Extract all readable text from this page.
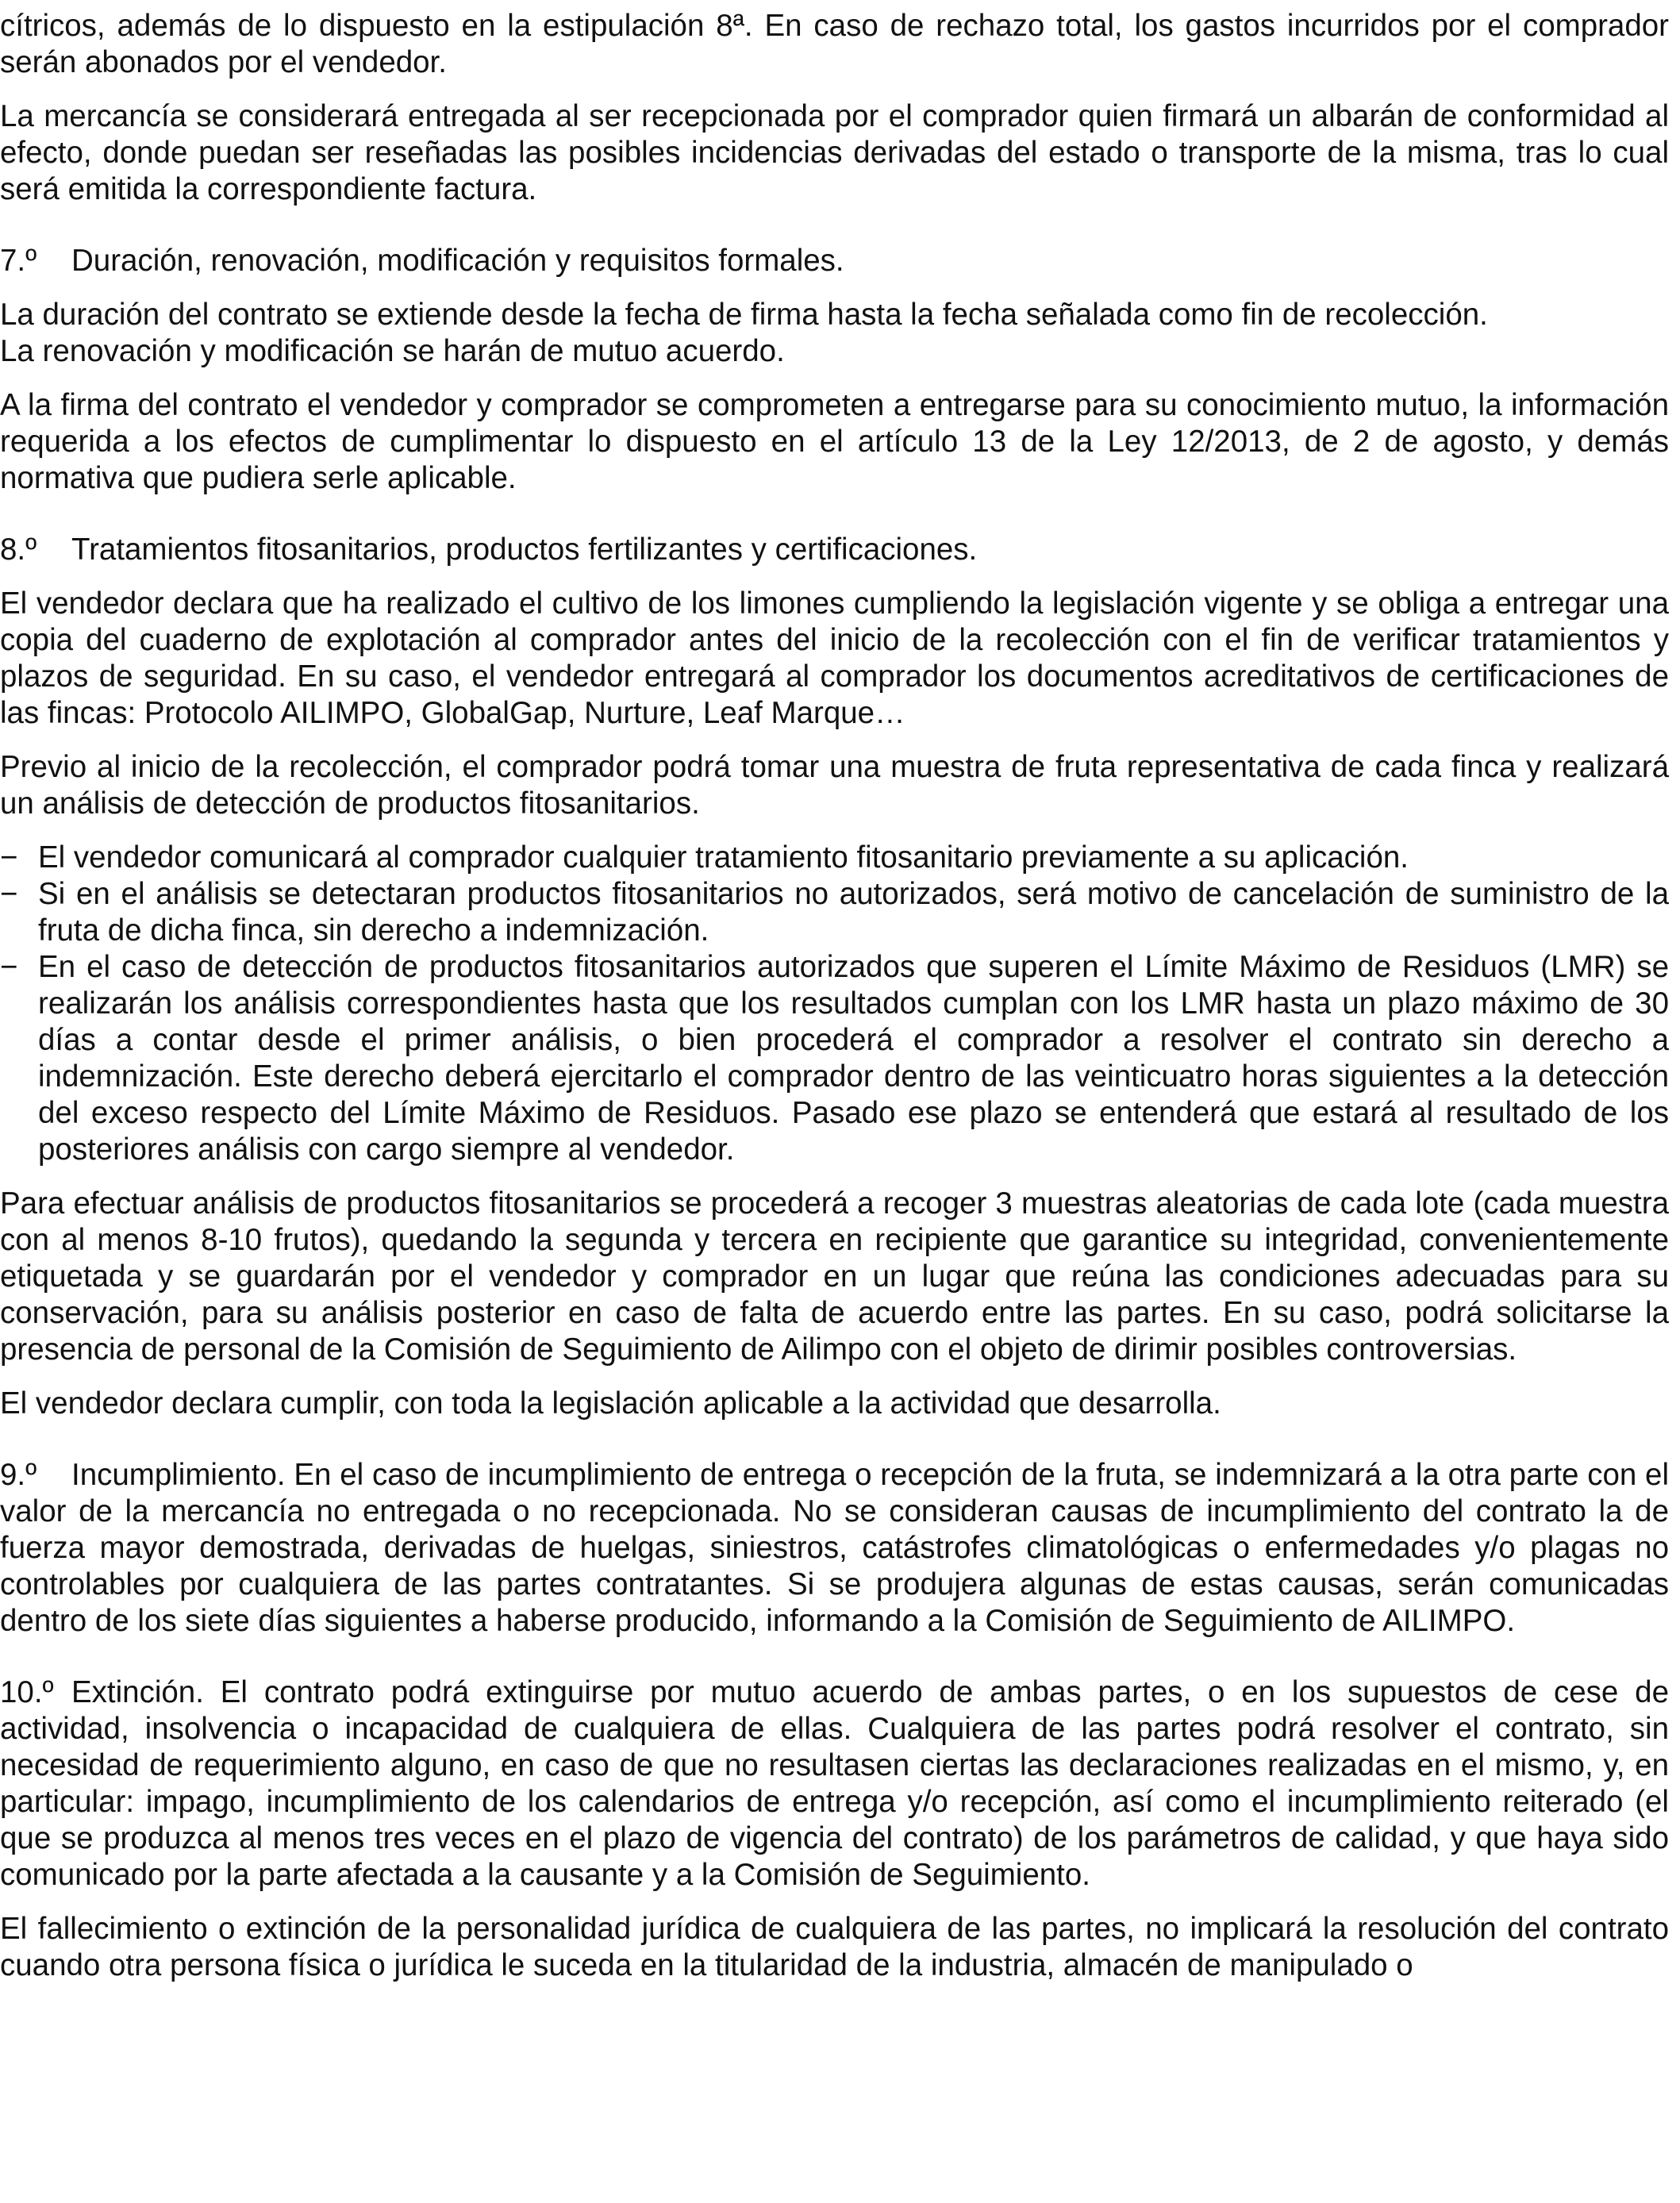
cítricos, además de lo dispuesto en la estipulación 8ª. En caso de rechazo total, los gastos incurridos por el comprador serán abonados por el vendedor.

La mercancía se considerará entregada al ser recepcionada por el comprador quien firmará un albarán de conformidad al efecto, donde puedan ser reseñadas las posibles incidencias derivadas del estado o transporte de la misma, tras lo cual será emitida la correspondiente factura.

7.º Duración, renovación, modificación y requisitos formales.

La duración del contrato se extiende desde la fecha de firma hasta la fecha señalada como fin de recolección.
La renovación y modificación se harán de mutuo acuerdo.

A la firma del contrato el vendedor y comprador se comprometen a entregarse para su conocimiento mutuo, la información requerida a los efectos de cumplimentar lo dispuesto en el artículo 13 de la Ley 12/2013, de 2 de agosto, y demás normativa que pudiera serle aplicable.

8.º Tratamientos fitosanitarios, productos fertilizantes y certificaciones.

El vendedor declara que ha realizado el cultivo de los limones cumpliendo la legislación vigente y se obliga a entregar una copia del cuaderno de explotación al comprador antes del inicio de la recolección con el fin de verificar tratamientos y plazos de seguridad. En su caso, el vendedor entregará al comprador los documentos acreditativos de certificaciones de las fincas: Protocolo AILIMPO, GlobalGap, Nurture, Leaf Marque…

Previo al inicio de la recolección, el comprador podrá tomar una muestra de fruta representativa de cada finca y realizará un análisis de detección de productos fitosanitarios.

− El vendedor comunicará al comprador cualquier tratamiento fitosanitario previamente a su aplicación.
− Si en el análisis se detectaran productos fitosanitarios no autorizados, será motivo de cancelación de suministro de la fruta de dicha finca, sin derecho a indemnización.
− En el caso de detección de productos fitosanitarios autorizados que superen el Límite Máximo de Residuos (LMR) se realizarán los análisis correspondientes hasta que los resultados cumplan con los LMR hasta un plazo máximo de 30 días a contar desde el primer análisis, o bien procederá el comprador a resolver el contrato sin derecho a indemnización. Este derecho deberá ejercitarlo el comprador dentro de las veinticuatro horas siguientes a la detección del exceso respecto del Límite Máximo de Residuos. Pasado ese plazo se entenderá que estará al resultado de los posteriores análisis con cargo siempre al vendedor.

Para efectuar análisis de productos fitosanitarios se procederá a recoger 3 muestras aleatorias de cada lote (cada muestra con al menos 8-10 frutos), quedando la segunda y tercera en recipiente que garantice su integridad, convenientemente etiquetada y se guardarán por el vendedor y comprador en un lugar que reúna las condiciones adecuadas para su conservación, para su análisis posterior en caso de falta de acuerdo entre las partes. En su caso, podrá solicitarse la presencia de personal de la Comisión de Seguimiento de Ailimpo con el objeto de dirimir posibles controversias.

El vendedor declara cumplir, con toda la legislación aplicable a la actividad que desarrolla.

9.º Incumplimiento. En el caso de incumplimiento de entrega o recepción de la fruta, se indemnizará a la otra parte con el valor de la mercancía no entregada o no recepcionada. No se consideran causas de incumplimiento del contrato la de fuerza mayor demostrada, derivadas de huelgas, siniestros, catástrofes climatológicas o enfermedades y/o plagas no controlables por cualquiera de las partes contratantes. Si se produjera algunas de estas causas, serán comunicadas dentro de los siete días siguientes a haberse producido, informando a la Comisión de Seguimiento de AILIMPO.

10.º Extinción. El contrato podrá extinguirse por mutuo acuerdo de ambas partes, o en los supuestos de cese de actividad, insolvencia o incapacidad de cualquiera de ellas. Cualquiera de las partes podrá resolver el contrato, sin necesidad de requerimiento alguno, en caso de que no resultasen ciertas las declaraciones realizadas en el mismo, y, en particular: impago, incumplimiento de los calendarios de entrega y/o recepción, así como el incumplimiento reiterado (el que se produzca al menos tres veces en el plazo de vigencia del contrato) de los parámetros de calidad, y que haya sido comunicado por la parte afectada a la causante y a la Comisión de Seguimiento.

El fallecimiento o extinción de la personalidad jurídica de cualquiera de las partes, no implicará la resolución del contrato cuando otra persona física o jurídica le suceda en la titularidad de la industria, almacén de manipulado o
